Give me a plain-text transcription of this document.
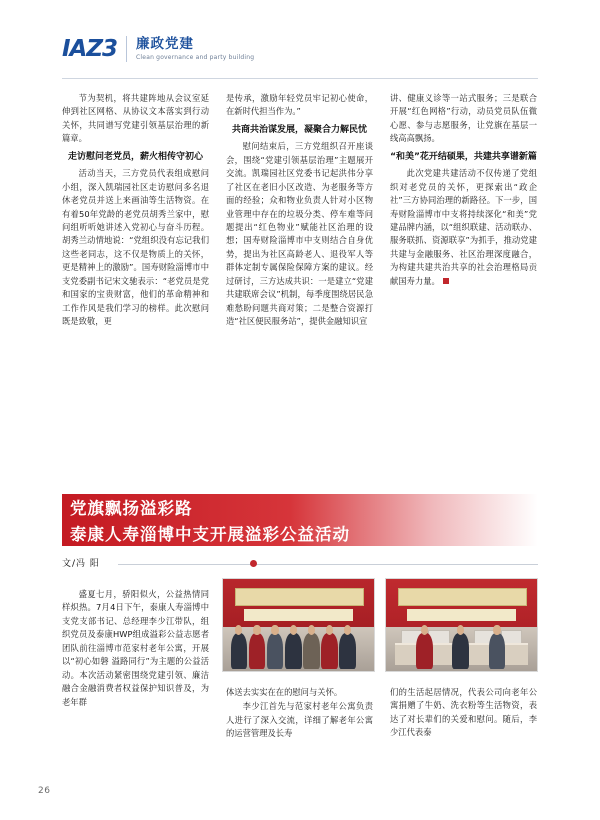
IAZ3 廉政党建
Clean governance and party building

节为契机，将共建阵地从会议室延伸到社区网格、从协议文本落实到行动关怀，共同谱写党建引领基层治理的新篇章。

走访慰问老党员，薪火相传守初心

活动当天，三方党员代表组成慰问小组，深入凯瑞园社区走访慰问多名退休老党员并送上来画油等生活物资。在有着50年党龄的老党员胡秀兰家中，慰问组听听她讲述入党初心与奋斗历程。胡秀兰动情地说：“党组织没有忘记我们这些老同志，这不仅是物质上的关怀，更是精神上的激励”。国寿财险淄博市中支党委副书记宋文驰表示：“老党员是党和国家的宝贵财富，他们的革命精神和工作作风是我们学习的榜样。此次慰问既是致敬，更

是传承，激励年轻党员牢记初心使命，在新时代担当作为。”

共商共治谋发展，凝聚合力解民忧

慰问结束后，三方党组织召开座谈会，围绕“党建引领基层治理”主题展开交流。凯瑞园社区党委书记起洪伟分享了社区在老旧小区改造、为老服务等方面的经验；众和物业负责人针对小区物业管理中存在的垃圾分类、停车难等问题提出“红色物业”赋能社区治理的设想；国寿财险淄博市中支则结合自身优势，提出为社区高龄老人、退役军人等群体定制专属保险保障方案的建议。经过研讨，三方达成共识：一是建立“党建共建联席会议”机制，每季度围绕居民急难愁盼问题共商对策；二是整合资源打造“社区便民服务站”，提供金融知识宣

讲、健康义诊等一站式服务；三是联合开展“红色网格”行动，动员党员队伍微心愿、参与志愿服务，让党旗在基层一线高高飘扬。

“和美”花开结硕果，共建共享谱新篇

此次党建共建活动不仅传递了党组织对老党员的关怀，更探索出“政企社”三方协同治理的新路径。下一步，国寿财险淄博市中支将持续深化“和美”党建品牌内涵，以“组织联建、活动联办、服务联抓、资源联享”为抓手，推动党建共建与金融服务、社区治理深度融合，为构建共建共治共享的社会治理格局贡献国寿力量。

党旗飘扬溢彩路
泰康人寿淄博中支开展溢彩公益活动
文/冯 阳

盛夏七月，骄阳似火，公益热情同样炽热。7月4日下午，泰康人寿淄博中支党支部书记、总经理李少江带队，组织党员及泰康HWP组成溢彩公益志愿者团队前往淄博市范家村老年公寓，开展以“初心如磐 溢路同行”为主题的公益活动。本次活动紧密围绕党建引领、廉洁融合金融消费者权益保护知识普及，为老年群

体送去实实在在的慰问与关怀。

李少江首先与范家村老年公寓负责人进行了深入交流，详细了解老年公寓的运营管理及长寿

们的生活起居情况，代表公司向老年公寓捐赠了牛奶、洗衣粉等生活物资，表达了对长辈们的关爱和慰问。随后，李少江代表泰

26
